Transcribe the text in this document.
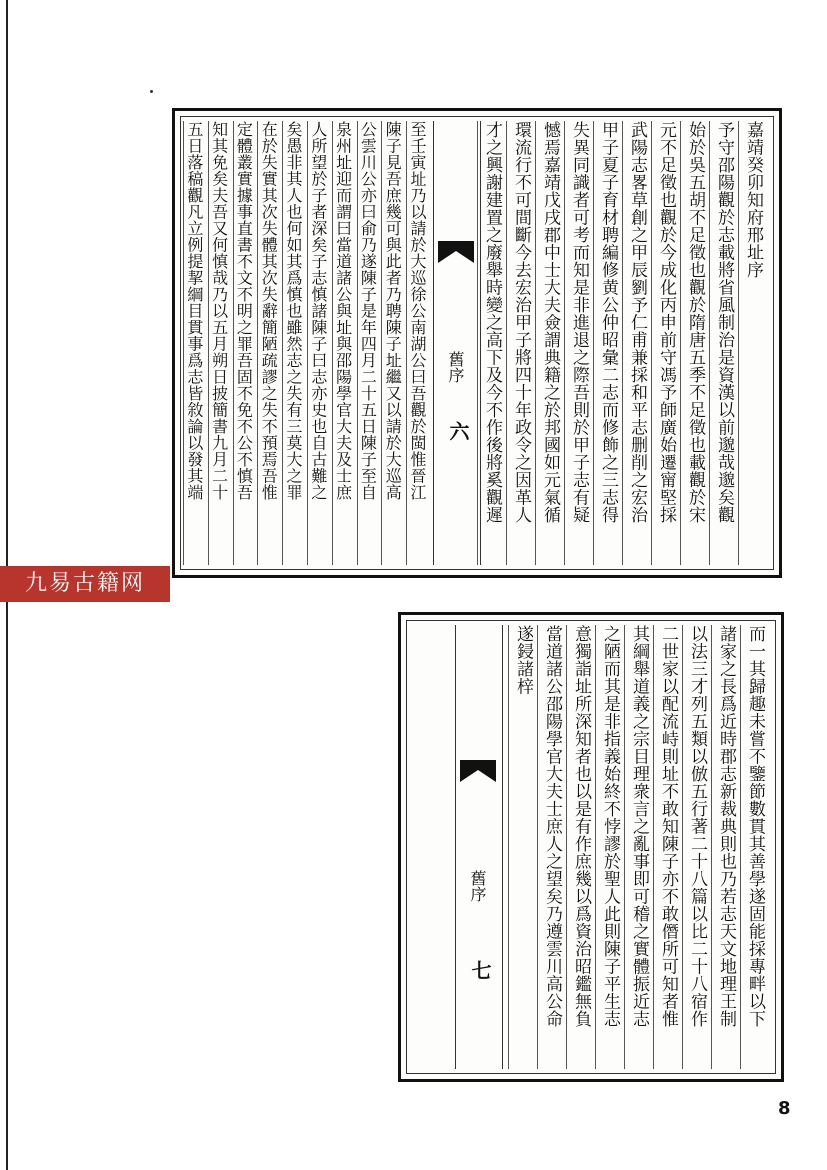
嘉靖癸卯知府邢址序
予守邵陽觀於志載將省風制治是資漢以前邈哉邈矣觀
始於吳五胡不足徵也觀於隋唐五季不足徵也載觀於宋
元不足徵也觀於今成化丙申前守馮予師廣始遷甯堅採
武陽志畧草創之甲辰劉予仁甫兼採和平志删削之宏治
甲子夏子育材聘編修黄公仲昭彙二志而修飾之三志得
失異同識者可考而知是非進退之際吾則於甲子志有疑
憾焉嘉靖戊戌郡中士大夫僉謂典籍之於邦國如元氣循
環流行不可間斷今去宏治甲子將四十年政令之因革人
才之興謝建置之廢舉時變之高下及今不作後將奚觀遲
舊序
六
至壬寅址乃以請於大巡徐公南湖公曰吾觀於閩惟晉江
陳子見吾庶幾可與此者乃聘陳子址繼又以請於大巡高
公雲川公亦曰俞乃遂陳子是年四月二十五日陳子至自
泉州址迎而謂曰當道諸公與址與邵陽學官大夫及士庶
人所望於子者深矣子志慎諸陳子曰志亦史也自古難之
矣愚非其人也何如其爲慎也雖然志之失有三莫大之罪
在於失實其次失體其次失辭簡陋疏謬之失不預焉吾惟
定體叢實據事直書不文不明之罪吾固不免不公不慎吾
知其免矣夫吾又何慎哉乃以五月朔日披簡書九月二十
五日落稿觀凡立例提挈綱目貫事爲志皆敘論以發其端
九易古籍网
而一其歸趣未嘗不鑒節數貫其善學遂固能採專畔以下
諸家之長爲近時郡志新裁典則也乃若志天文地理王制
以法三才列五類以倣五行著二十八篇以比二十八宿作
二世家以配流峙則址不敢知陳子亦不敢僭所可知者惟
其綱舉道義之宗目理衆言之亂事即可稽之實體振近志
之陋而其是非指義始終不悖謬於聖人此則陳子平生志
意獨詣址所深知者也以是有作庶幾以爲資治昭鑑無負
當道諸公邵陽學官大夫士庶人之望矣乃遵雲川高公命
遂鋟諸梓
舊序
七
8
